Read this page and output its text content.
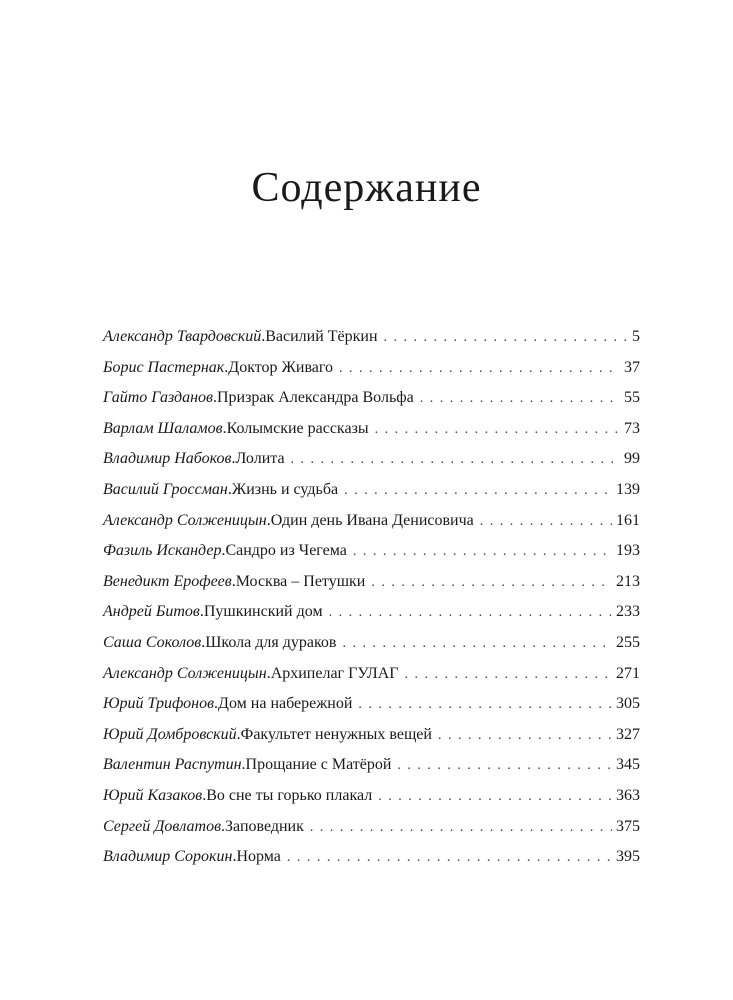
Содержание
Александр Твардовский . Василий Тёркин . . .	5
Борис Пастернак . Доктор Живаго . . .	37
Гайто Газданов . Призрак Александра Вольфа . . .	55
Варлам Шаламов . Колымские рассказы . . .	73
Владимир Набоков . Лолита . . .	99
Василий Гроссман . Жизнь и судьба . . .	139
Александр Солженицын . Один день Ивана Денисовича . . .	161
Фазиль Искандер . Сандро из Чегема . . .	193
Венедикт Ерофеев . Москва – Петушки . . .	213
Андрей Битов . Пушкинский дом . . .	233
Саша Соколов . Школа для дураков . . .	255
Александр Солженицын . Архипелаг ГУЛАГ . . .	271
Юрий Трифонов . Дом на набережной . . .	305
Юрий Домбровский . Факультет ненужных вещей . . .	327
Валентин Распутин . Прощание с Матёрой . . .	345
Юрий Казаков . Во сне ты горько плакал . . .	363
Сергей Довлатов . Заповедник . . .	375
Владимир Сорокин . Норма . . .	395
